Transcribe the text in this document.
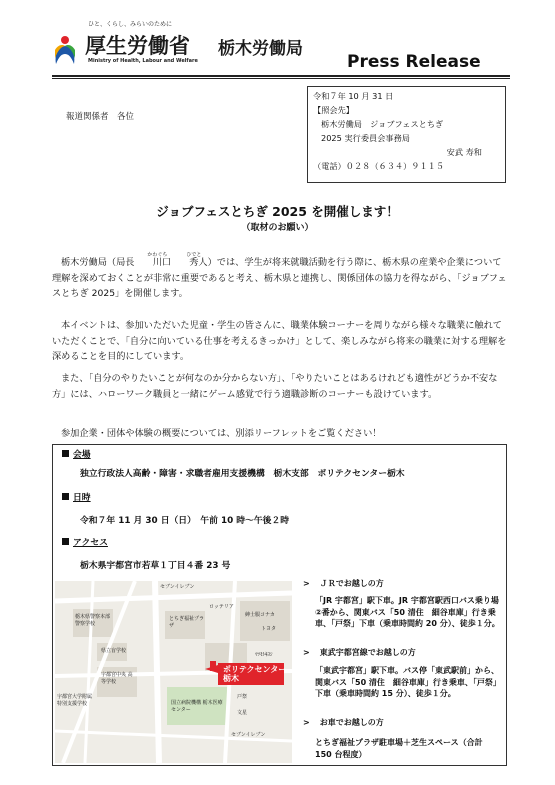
ひと、くらし、みらいのために
厚生労働省
Ministry of Health, Labour and Welfare
栃木労働局
Press Release
令和７年 10 月 31 日
【照会先】
栃木労働局　ジョブフェスとちぎ
2025 実行委員会事務局
安武 寿和
（電話）０２８（６３４）９１１５
報道関係者　各位
ジョブフェスとちぎ 2025 を開催します！
（取材のお願い）
栃木労働局（局長　
かわぐち
川口　
ひでと
秀人）では、学生が将来就職活動を行う際に、栃木県の産業や企業について理解を深めておくことが非常に重要であると考え、栃木県と連携し、関係団体の協力を得ながら、「ジョブフェスとちぎ 2025」を開催します。
本イベントは、参加いただいた児童・学生の皆さんに、職業体験コーナーを周りながら様々な職業に触れていただくことで、「自分に向いている仕事を考えるきっかけ」として、楽しみながら将来の職業に対する理解を深めることを目的にしています。
また、「自分のやりたいことが何なのか分からない方」、「やりたいことはあるけれども適性がどうか不安な方」には、ハローワーク職員と一緒にゲーム感覚で行う適職診断のコーナーも設けています。
参加企業・団体や体験の概要については、別添リーフレットをご覧ください！
会場
独立行政法人高齢・障害・求職者雇用支援機構　栃木支部　ポリテクセンター栃木
日時
令和７年 11 月 30 日（日）　午前 10 時～午後２時
アクセス
栃木県宇都宮市若草１丁目４番 23 号
ポリテクセンター
栃木
セブンイレブン
ロッテリア
紳士服コナカ
とちぎ福祉プラザ
栃木県警察本部 警察学校
県立盲学校
宇都宮中央 高等学校
宇都宮大学附属 特別支援学校	国立病院機構 栃木医療センター	文星
セブンイレブン
戸祭
トヨタ
ﾏﾂﾓﾄｷﾖｼ
> ＪＲでお越しの方
「JR 宇都宮」駅下車。JR 宇都宮駅西口バス乗り場②番から、関東バス「50 清住　細谷車庫」行き乗車、「戸祭」下車（乗車時間約 20 分）、徒歩１分。
> 東武宇都宮線でお越しの方
「東武宇都宮」駅下車。バス停「東武駅前」から、関東バス「50 清住　細谷車庫」行き乗車、「戸祭」下車（乗車時間約 15 分）、徒歩１分。
> お車でお越しの方
とちぎ福祉プラザ駐車場＋芝生スペース（合計 150 台程度）
